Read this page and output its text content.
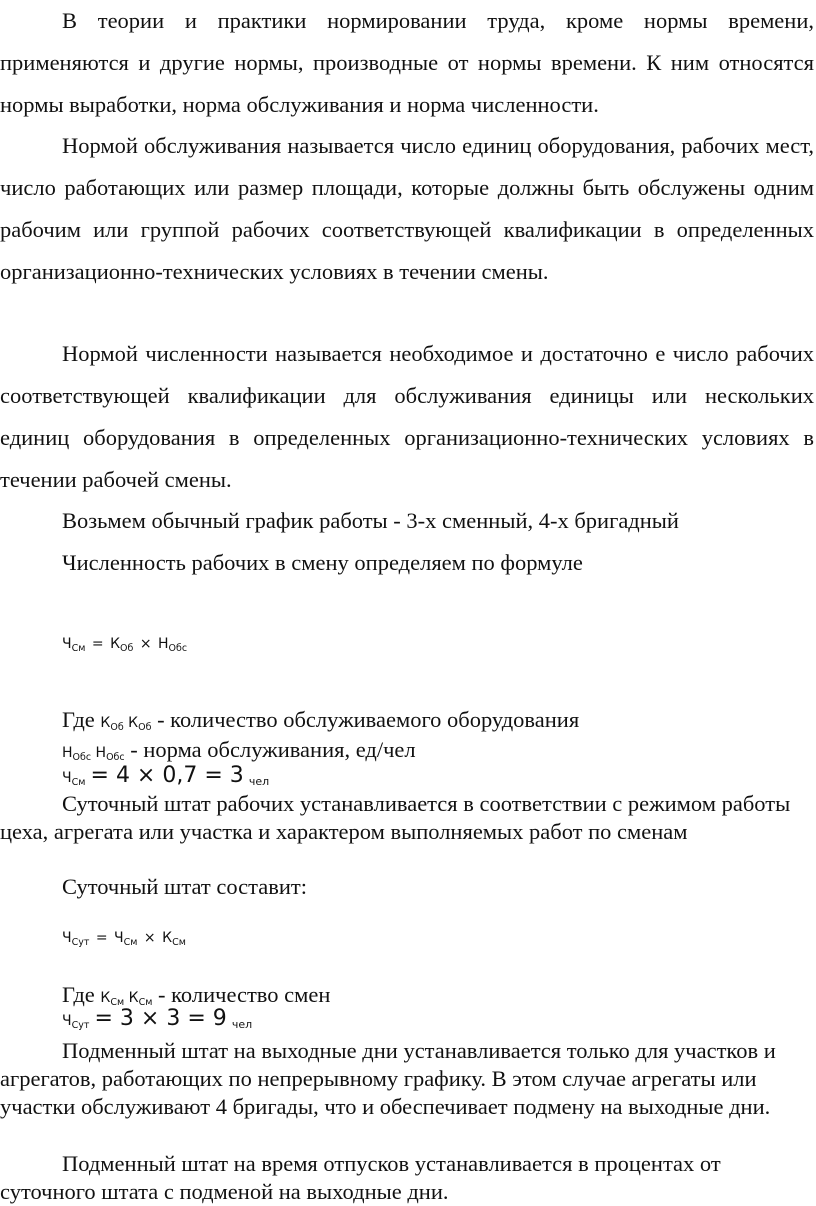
В теории и практики нормировании труда, кроме нормы времени, применяются и другие нормы, производные от нормы времени. К ним относятся нормы выработки, норма обслуживания и норма численности.

Нормой обслуживания называется число единиц оборудования, рабочих мест, число работающих или размер площади, которые должны быть обслужены одним рабочим или группой рабочих соответствующей квалификации в определенных организационно-технических условиях в течении смены.

Нормой численности называется необходимое и достаточно е число рабочих соответствующей квалификации для обслуживания единицы или нескольких единиц оборудования в определенных организационно-технических условиях в течении рабочей смены.

Возьмем обычный график работы - 3-х сменный, 4-х бригадный

Численность рабочих в смену определяем по формуле

$Ч_{См} = К_{Об} \times Н_{Обс}$
Где $К_{Об}$ $К_{Об}$ - количество обслуживаемого оборудования
$Н_{Обс}$ $Н_{Обс}$ - норма обслуживания, ед/чел
ЧСм = 4 × 0,7 = 3 чел

Суточный штат рабочих устанавливается в соответствии с режимом работы цеха, агрегата или участка и характером выполняемых работ по сменам

Суточный штат составит:

$Ч_{Сут} = Ч_{См} \times К_{См}$
Где $К_{См}$ $К_{См}$ - количество смен
ЧСут = 3 × 3 = 9 чел

Подменный штат на выходные дни устанавливается только для участков и агрегатов, работающих по непрерывному графику. В этом случае агрегаты или участки обслуживают 4 бригады, что и обеспечивает подмену на выходные дни.

Подменный штат на время отпусков устанавливается в процентах от суточного штата с подменой на выходные дни.
